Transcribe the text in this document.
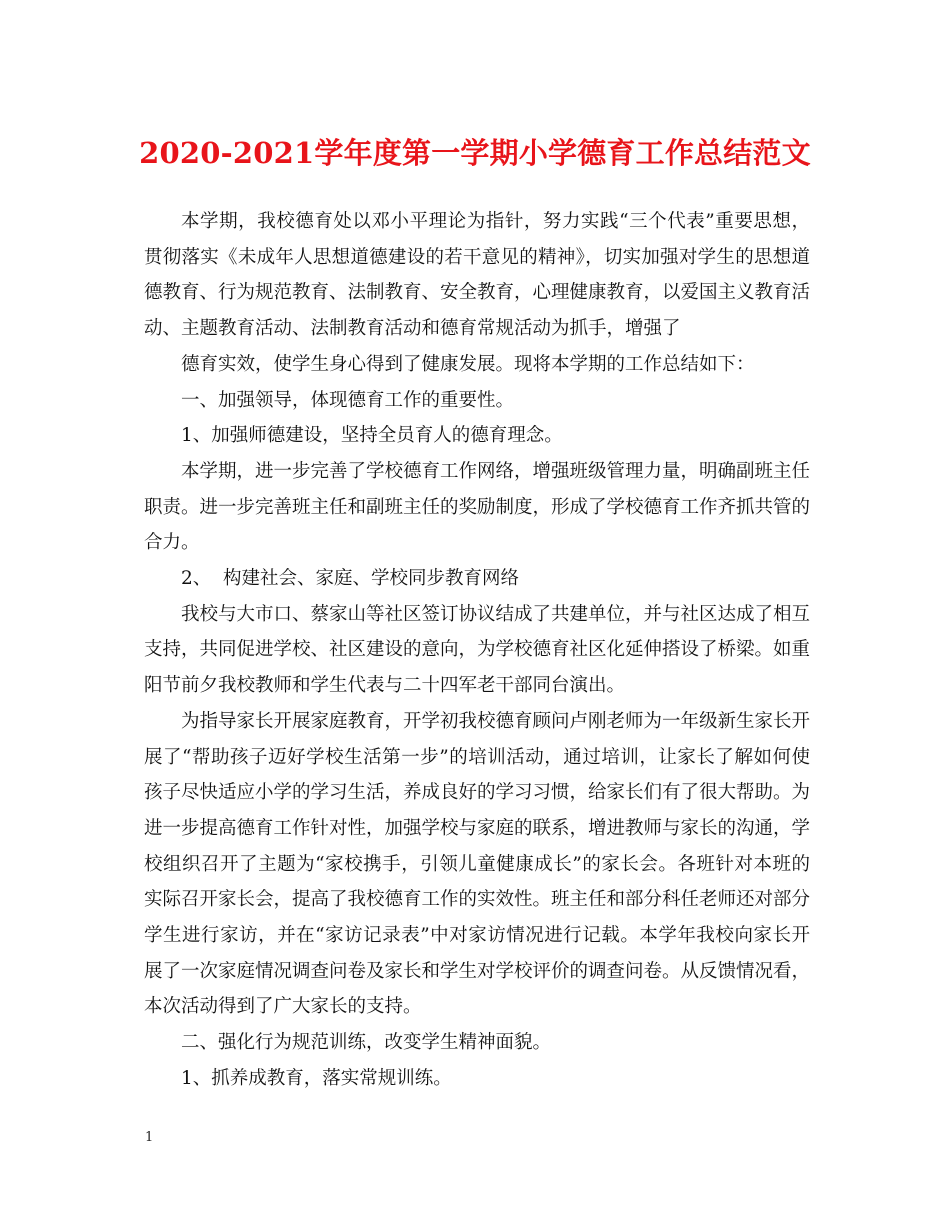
2020-2021学年度第一学期小学德育工作总结范文

本学期，我校德育处以邓小平理论为指针，努力实践“三个代表”重要思想，贯彻落实《未成年人思想道德建设的若干意见的精神》，切实加强对学生的思想道德教育、行为规范教育、法制教育、安全教育，心理健康教育，以爱国主义教育活动、主题教育活动、法制教育活动和德育常规活动为抓手，增强了

德育实效，使学生身心得到了健康发展。现将本学期的工作总结如下：

一、加强领导，体现德育工作的重要性。

1、加强师德建设，坚持全员育人的德育理念。

本学期，进一步完善了学校德育工作网络，增强班级管理力量，明确副班主任职责。进一步完善班主任和副班主任的奖励制度，形成了学校德育工作齐抓共管的合力。

2、  构建社会、家庭、学校同步教育网络

我校与大市口、蔡家山等社区签订协议结成了共建单位，并与社区达成了相互支持，共同促进学校、社区建设的意向，为学校德育社区化延伸搭设了桥梁。如重阳节前夕我校教师和学生代表与二十四军老干部同台演出。

为指导家长开展家庭教育，开学初我校德育顾问卢刚老师为一年级新生家长开展了“帮助孩子迈好学校生活第一步”的培训活动，通过培训，让家长了解如何使孩子尽快适应小学的学习生活，养成良好的学习习惯，给家长们有了很大帮助。为进一步提高德育工作针对性，加强学校与家庭的联系，增进教师与家长的沟通，学校组织召开了主题为“家校携手，引领儿童健康成长”的家长会。各班针对本班的实际召开家长会，提高了我校德育工作的实效性。班主任和部分科任老师还对部分学生进行家访，并在“家访记录表”中对家访情况进行记载。本学年我校向家长开展了一次家庭情况调查问卷及家长和学生对学校评价的调查问卷。从反馈情况看，本次活动得到了广大家长的支持。

二、强化行为规范训练，改变学生精神面貌。

1、抓养成教育，落实常规训练。

1
